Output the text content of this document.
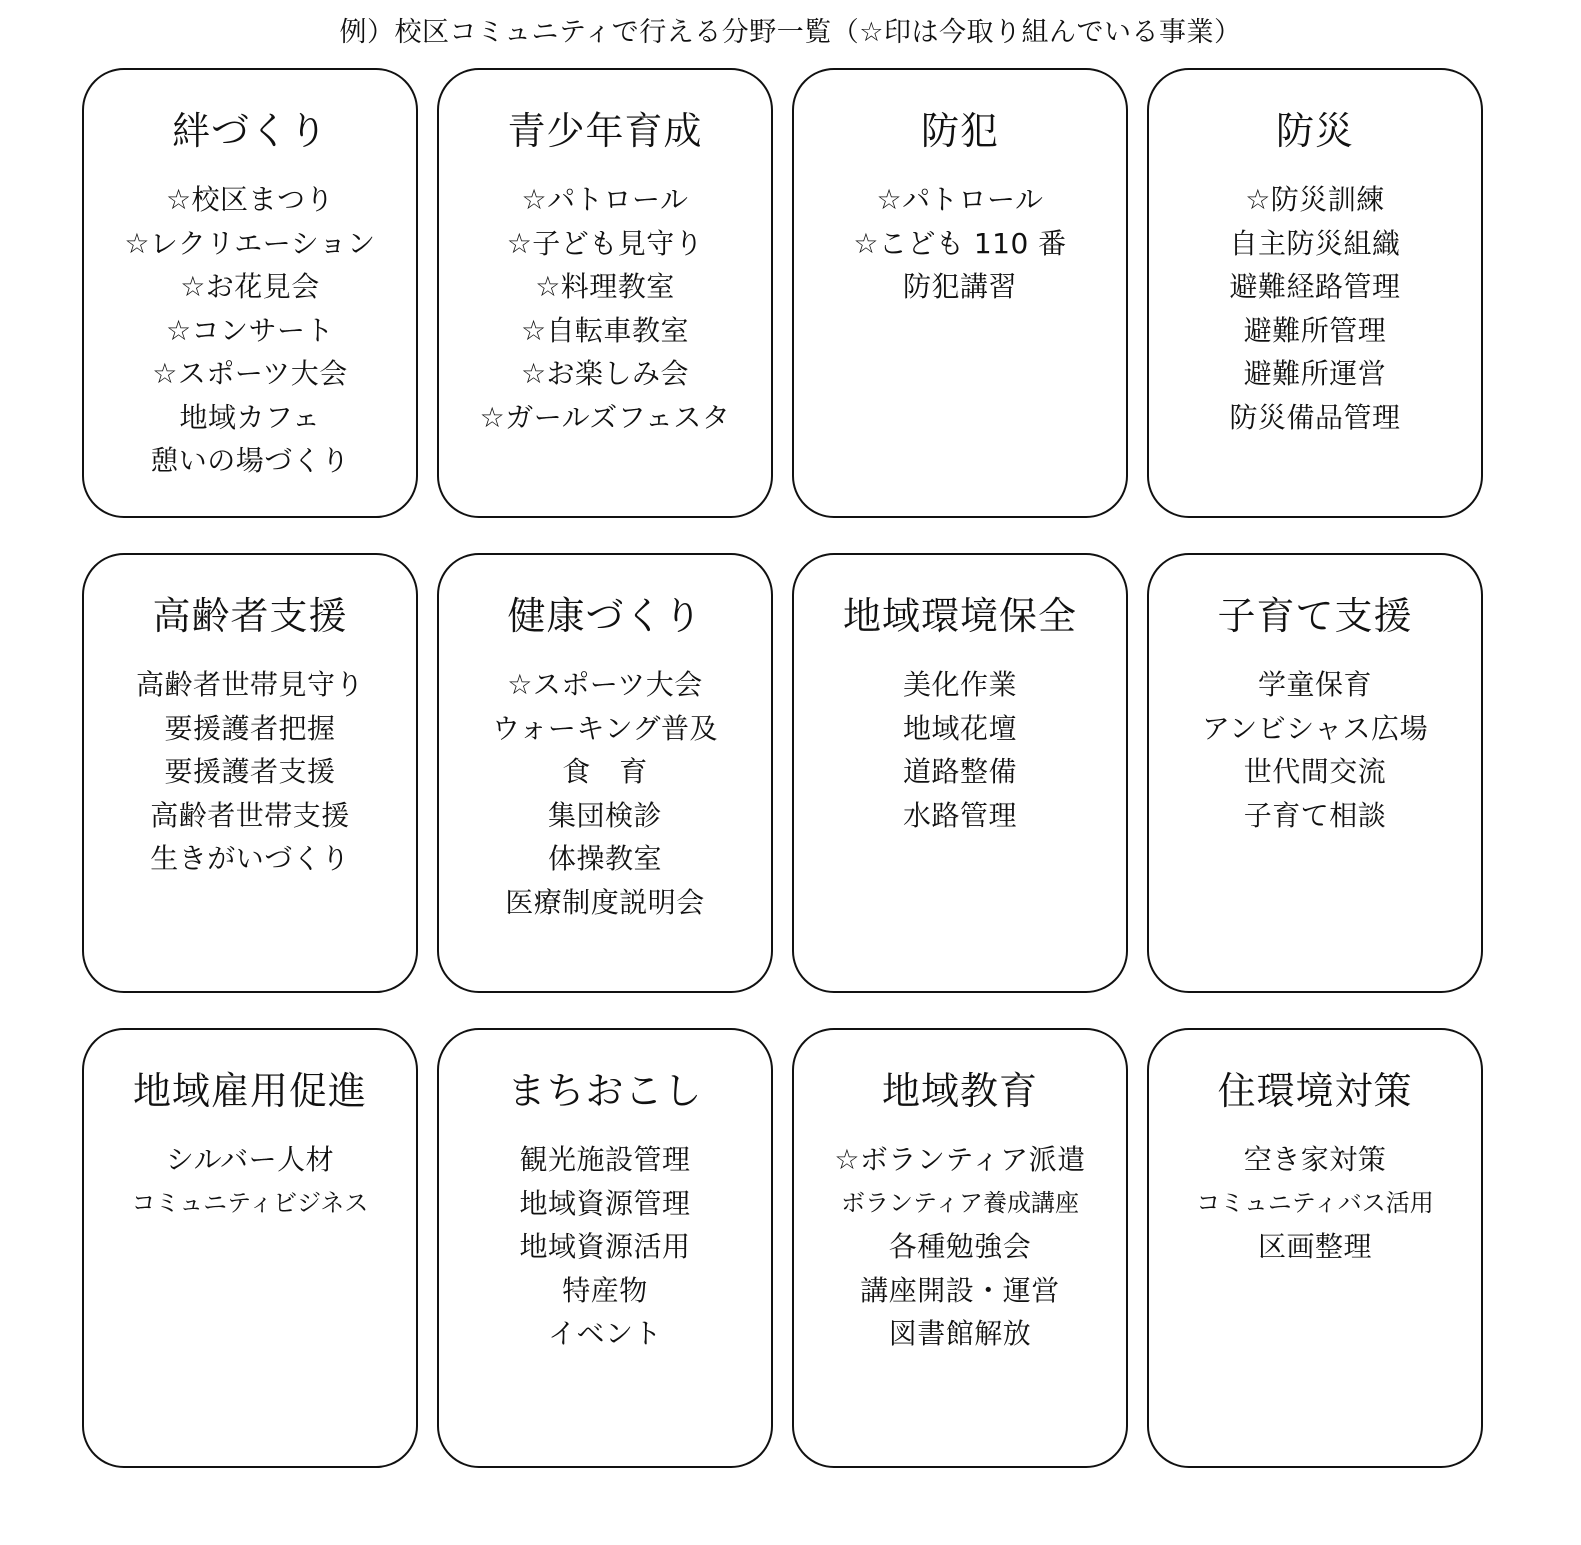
例）校区コミュニティで行える分野一覧（☆印は今取り組んでいる事業）
絆づくり
☆校区まつり
☆レクリエーション
☆お花見会
☆コンサート
☆スポーツ大会
地域カフェ
憩いの場づくり
青少年育成
☆パトロール
☆子ども見守り
☆料理教室
☆自転車教室
☆お楽しみ会
☆ガールズフェスタ
防犯
☆パトロール
☆こども 110 番
防犯講習
防災
☆防災訓練
自主防災組織
避難経路管理
避難所管理
避難所運営
防災備品管理
高齢者支援
高齢者世帯見守り
要援護者把握
要援護者支援
高齢者世帯支援
生きがいづくり
健康づくり
☆スポーツ大会
ウォーキング普及
食　育
集団検診
体操教室
医療制度説明会
地域環境保全
美化作業
地域花壇
道路整備
水路管理
子育て支援
学童保育
アンビシャス広場
世代間交流
子育て相談
地域雇用促進
シルバー人材
コミュニティビジネス
まちおこし
観光施設管理
地域資源管理
地域資源活用
特産物
イベント
地域教育
☆ボランティア派遣
ボランティア養成講座
各種勉強会
講座開設・運営
図書館解放
住環境対策
空き家対策
コミュニティバス活用
区画整理
